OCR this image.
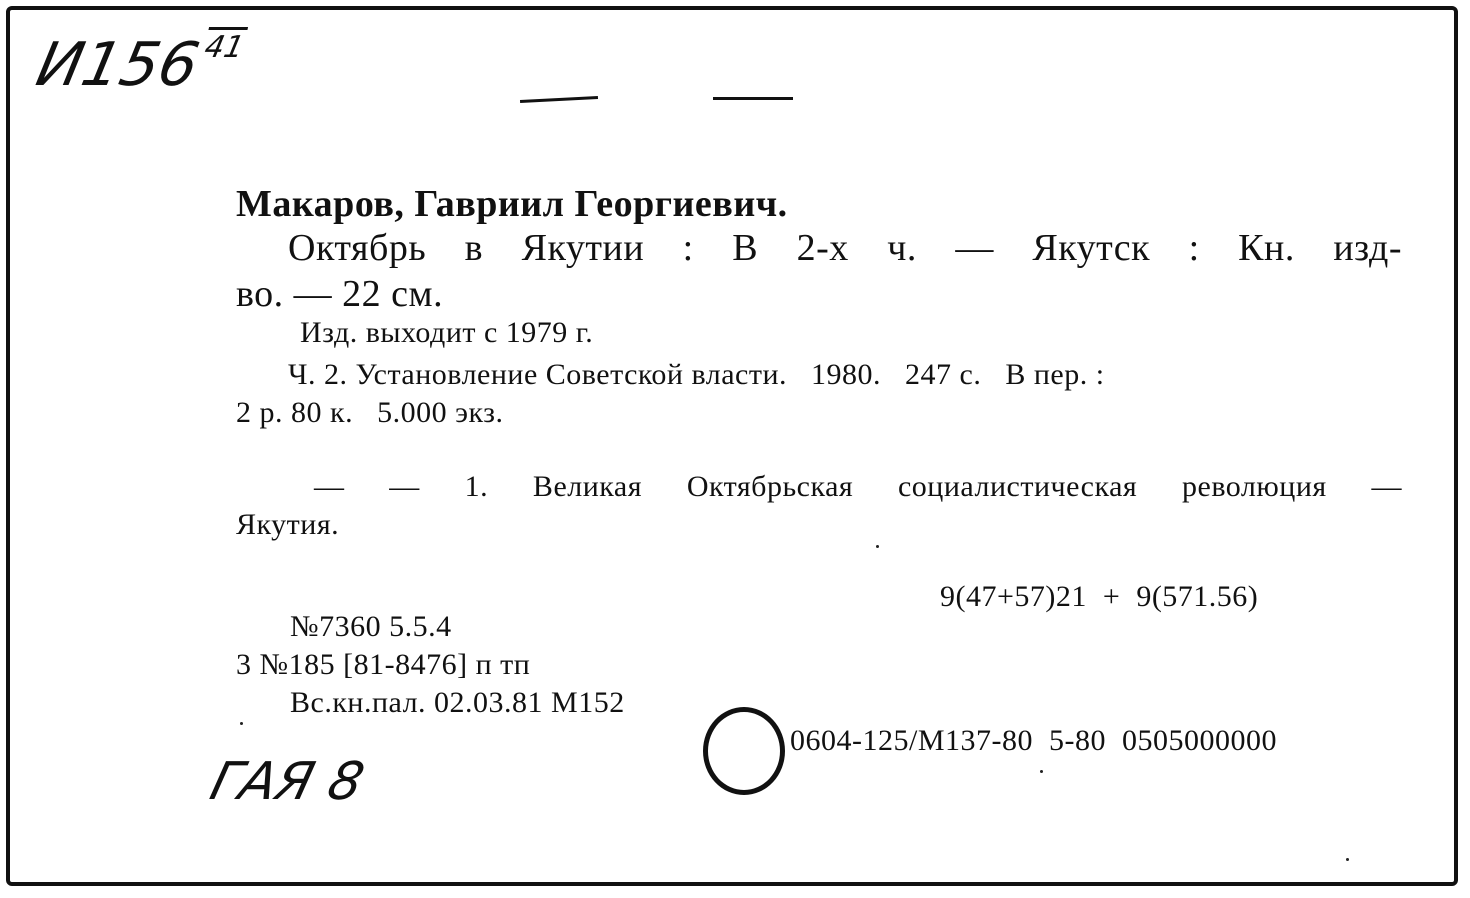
$И156^{41}$
Макаров, Гавриил Георгиевич.
Октябрь в Якутии : В 2-х ч. — Якутск : Кн. изд-
во. — 22 см.
Изд. выходит с 1979 г.
Ч. 2. Установление Советской власти.   1980.   247 с.   В пер. :
2 р. 80 к.   5.000 экз.
— — 1. Великая Октябрьская социалистическая революция —
Якутия.
9(47+57)21  +  9(571.56)
№7360 5.5.4
3 №185 [81-8476] п тп
Вс.кн.пал. 02.03.81 М152
0604-125/М137-80  5-80  0505000000
ГАЯ 8
